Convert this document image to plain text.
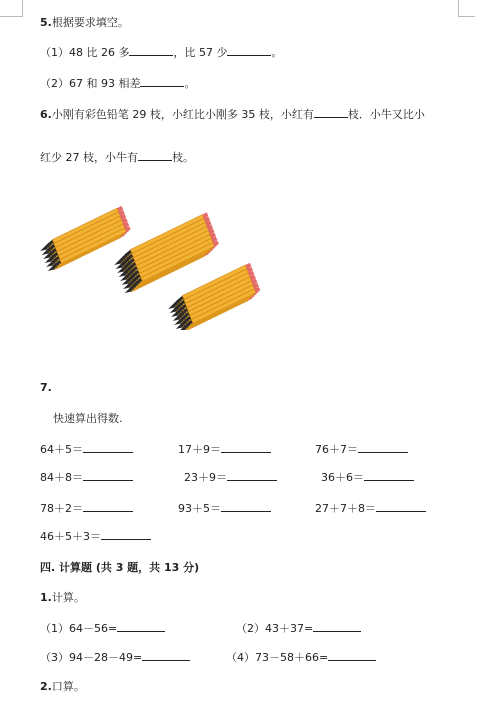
5.根据要求填空。
（1）48 比 26 多	，比 57 少	。
（2）67 和 93 相差	。
6.小刚有彩色铅笔 29 枝，小红比小刚多 35 枝，小红有	枝．小牛又比小
红少 27 枝，小牛有	枝。
7.
快速算出得数.
64＋5＝	17＋9＝	76＋7＝
84＋8＝	23＋9＝	36＋6＝
78＋2＝	93＋5＝	27＋7＋8＝
46＋5＋3＝
四. 计算题 (共 3 题，共 13 分)
1.计算。
（1）64－56=	（2）43＋37=
（3）94－28－49=	（4）73－58＋66=
2.口算。
